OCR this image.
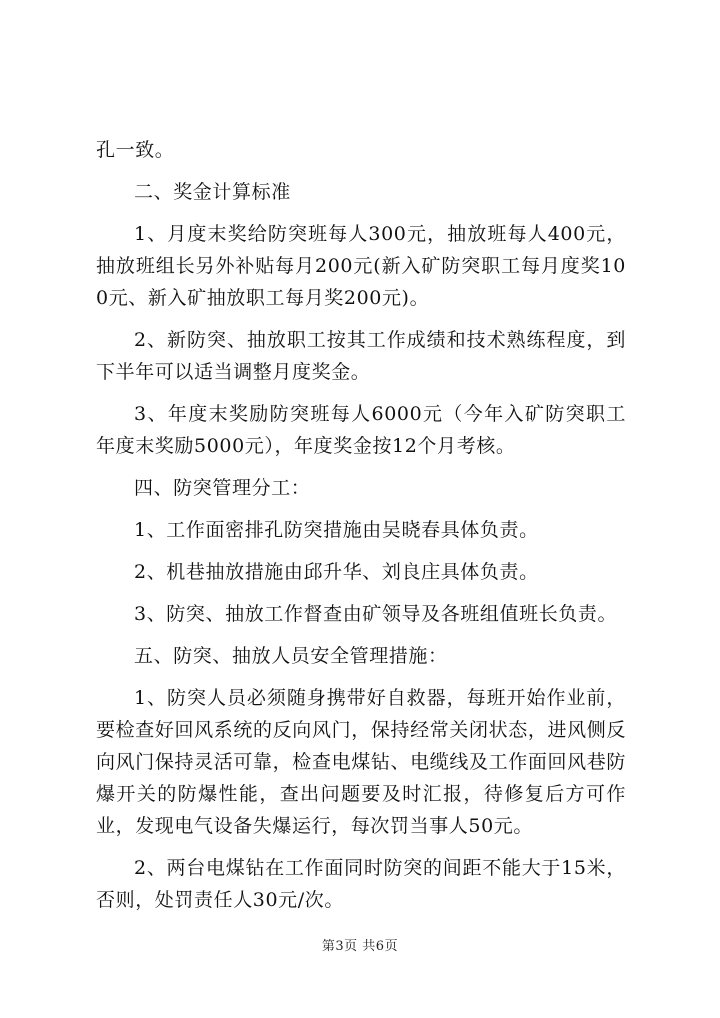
孔一致。

二、奖金计算标准

1、月度末奖给防突班每人300元，抽放班每人400元，抽放班组长另外补贴每月200元(新入矿防突职工每月度奖100元、新入矿抽放职工每月奖200元)。

2、新防突、抽放职工按其工作成绩和技术熟练程度，到下半年可以适当调整月度奖金。

3、年度末奖励防突班每人6000元（今年入矿防突职工年度末奖励5000元），年度奖金按12个月考核。

四、防突管理分工：

1、工作面密排孔防突措施由吴晓春具体负责。

2、机巷抽放措施由邱升华、刘良庄具体负责。

3、防突、抽放工作督查由矿领导及各班组值班长负责。

五、防突、抽放人员安全管理措施：

1、防突人员必须随身携带好自救器，每班开始作业前，要检查好回风系统的反向风门，保持经常关闭状态，进风侧反向风门保持灵活可靠，检查电煤钻、电缆线及工作面回风巷防爆开关的防爆性能，查出问题要及时汇报，待修复后方可作业，发现电气设备失爆运行，每次罚当事人50元。

2、两台电煤钻在工作面同时防突的间距不能大于15米，否则，处罚责任人30元/次。

第3页 共6页
